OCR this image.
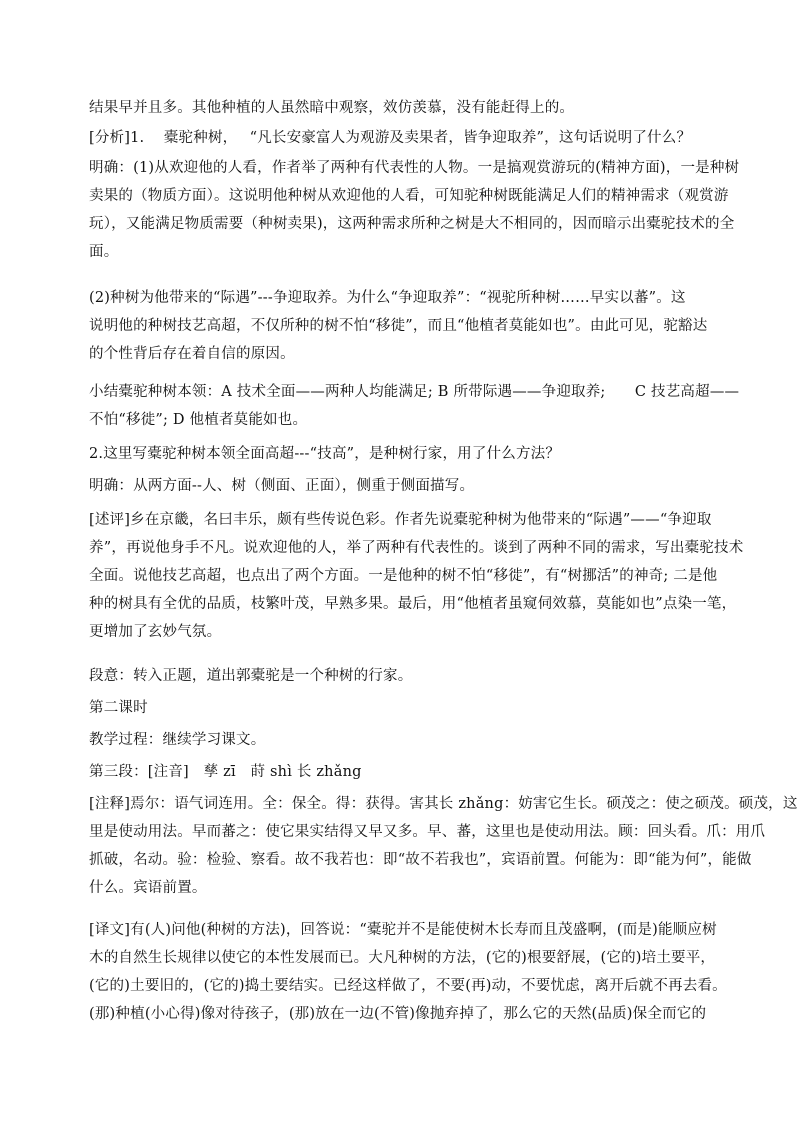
结果早并且多。其他种植的人虽然暗中观察，效仿羡慕，没有能赶得上的。
[分析]1.　 橐驼种树，　 “凡长安豪富人为观游及卖果者，皆争迎取养”，这句话说明了什么？
明确：(1)从欢迎他的人看，作者举了两种有代表性的人物。一是搞观赏游玩的(精神方面)，一是种树
卖果的（物质方面）。这说明他种树从欢迎他的人看，可知驼种树既能满足人们的精神需求（观赏游
玩），又能满足物质需要（种树卖果)，这两种需求所种之树是大不相同的，因而暗示出橐驼技术的全
面。
(2)种树为他带来的“际遇”---争迎取养。为什么“争迎取养”：“视驼所种树……早实以蕃”。这
说明他的种树技艺高超，不仅所种的树不怕“移徙”，而且“他植者莫能如也”。由此可见，驼豁达
的个性背后存在着自信的原因。
小结橐驼种树本领：A 技术全面——两种人均能满足; B 所带际遇——争迎取养;　　C 技艺高超——
不怕“移徙”; D 他植者莫能如也。
2.这里写橐驼种树本领全面高超---“技高”，是种树行家，用了什么方法？
明确：从两方面--人、树（侧面、正面），侧重于侧面描写。
[述评]乡在京畿，名曰丰乐，颇有些传说色彩。作者先说橐驼种树为他带来的“际遇”——“争迎取
养”，再说他身手不凡。说欢迎他的人，举了两种有代表性的。谈到了两种不同的需求，写出橐驼技术
全面。说他技艺高超，也点出了两个方面。一是他种的树不怕“移徙”，有“树挪活”的神奇; 二是他
种的树具有全优的品质，枝繁叶茂，早熟多果。最后，用“他植者虽窥伺效慕，莫能如也”点染一笔，
更增加了玄妙气氛。
段意：转入正题，道出郭橐驼是一个种树的行家。
第二课时
教学过程：继续学习课文。
第三段：[注音]　孳 zī　莳 shì 长 zhǎng
[注释]焉尔：语气词连用。全：保全。得：获得。害其长 zhǎng：妨害它生长。硕茂之：使之硕茂。硕茂，这
里是使动用法。早而蕃之：使它果实结得又早又多。早、蕃，这里也是使动用法。顾：回头看。爪：用爪
抓破，名动。验：检验、察看。故不我若也：即“故不若我也”，宾语前置。何能为：即“能为何”，能做
什么。宾语前置。
[译文]有(人)问他(种树的方法)，回答说：“橐驼并不是能使树木长寿而且茂盛啊，(而是)能顺应树
木的自然生长规律以使它的本性发展而已。大凡种树的方法，(它的)根要舒展，(它的)培土要平，
(它的)土要旧的，(它的)捣土要结实。已经这样做了，不要(再)动，不要忧虑，离开后就不再去看。
(那)种植(小心得)像对待孩子，(那)放在一边(不管)像抛弃掉了，那么它的天然(品质)保全而它的
